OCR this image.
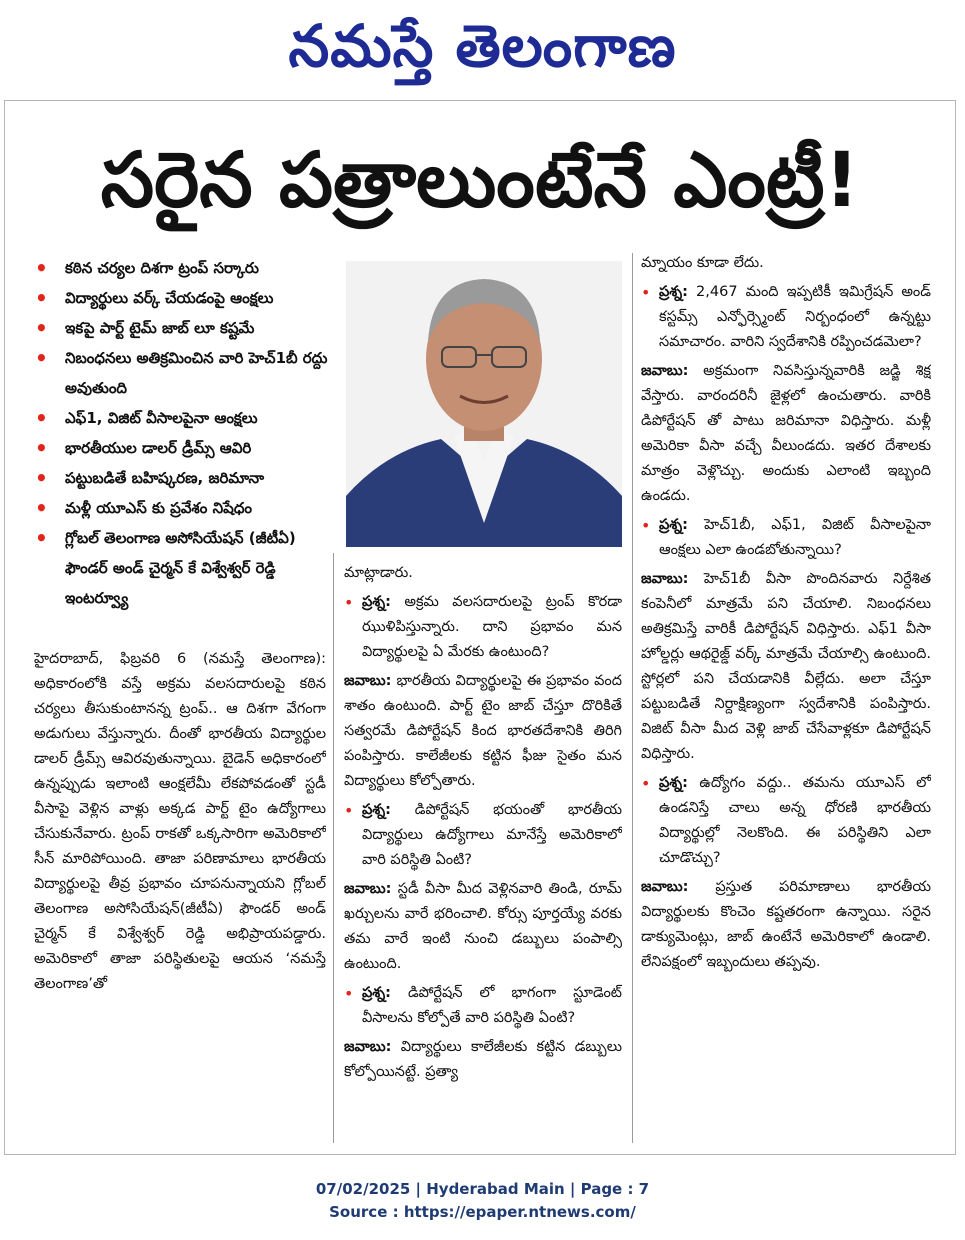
నమస్తే తెలంగాణ
సరైన పత్రాలుంటేనే ఎంట్రీ!
• కఠిన చర్యల దిశగా ట్రంప్ సర్కారు
• విద్యార్థులు వర్క్ చేయడంపై ఆంక్షలు
• ఇకపై పార్ట్ టైమ్ జాబ్ లూ కష్టమే
• నిబంధనలు అతిక్రమించిన వారి హెచ్1బీ రద్దు అవుతుంది
• ఎఫ్1, విజిట్ వీసాలపైనా ఆంక్షలు
• భారతీయుల డాలర్ డ్రీమ్స్ ఆవిరి
• పట్టుబడితే బహిష్కరణ, జరిమానా
• మళ్లీ యూఎస్ కు ప్రవేశం నిషేధం
• గ్లోబల్ తెలంగాణ అసోసియేషన్ (జీటీఏ) ఫౌండర్ అండ్ చైర్మన్ కే విశ్వేశ్వర్ రెడ్డి ఇంటర్వ్యూ

హైదరాబాద్, ఫిబ్రవరి 6 (నమస్తే తెలంగాణ): అధికారంలోకి వస్తే అక్రమ వలసదారులపై కఠిన చర్యలు తీసుకుంటానన్న ట్రంప్.. ఆ దిశగా వేగంగా అడుగులు వేస్తున్నారు. దీంతో భారతీయ విద్యార్థుల డాలర్ డ్రీమ్స్ ఆవిరవుతున్నాయి. బైడెన్ అధికారంలో ఉన్నప్పుడు ఇలాంటి ఆంక్షలేమీ లేకపోవడంతో స్టడీ వీసాపై వెళ్లిన వాళ్లు అక్కడ పార్ట్ టైం ఉద్యోగాలు చేసుకునేవారు. ట్రంప్ రాకతో ఒక్కసారిగా అమెరికాలో సీన్ మారిపోయింది. తాజా పరిణామాలు భారతీయ విద్యార్థులపై తీవ్ర ప్రభావం చూపనున్నాయని గ్లోబల్ తెలంగాణ అసోసియేషన్(జీటీఏ) ఫౌండర్ అండ్ చైర్మన్ కే విశ్వేశ్వర్ రెడ్డి అభిప్రాయపడ్డారు. అమెరికాలో తాజా పరిస్థితులపై ఆయన ‘నమస్తే తెలంగాణ’తో

మాట్లాడారు.

• ప్రశ్న: అక్రమ వలసదారులపై ట్రంప్ కొరడా ఝుళిపిస్తున్నారు. దాని ప్రభావం మన విద్యార్థులపై ఏ మేరకు ఉంటుంది?

జవాబు: భారతీయ విద్యార్థులపై ఈ ప్రభావం వంద శాతం ఉంటుంది. పార్ట్ టైం జాబ్ చేస్తూ దొరికితే సత్వరమే డిపోర్టేషన్ కింద భారతదేశానికి తిరిగి పంపిస్తారు. కాలేజీలకు కట్టిన ఫీజు సైతం మన విద్యార్థులు కోల్పోతారు.

• ప్రశ్న: డిపోర్టేషన్ భయంతో భారతీయ విద్యార్థులు ఉద్యోగాలు మానేస్తే అమెరికాలో వారి పరిస్థితి ఏంటి?

జవాబు: స్టడీ వీసా మీద వెళ్లినవారి తిండి, రూమ్ ఖర్చులను వారే భరించాలి. కోర్సు పూర్తయ్యే వరకు తమ వారే ఇంటి నుంచి డబ్బులు పంపాల్సి ఉంటుంది.

• ప్రశ్న: డిపోర్టేషన్ లో భాగంగా స్టూడెంట్ వీసాలను కోల్పోతే వారి పరిస్థితి ఏంటి?

జవాబు: విద్యార్థులు కాలేజీలకు కట్టిన డబ్బులు కోల్పోయినట్టే. ప్రత్యా

మ్నాయం కూడా లేదు.

• ప్రశ్న: 2,467 మంది ఇప్పటికీ ఇమిగ్రేషన్ అండ్ కస్టమ్స్ ఎన్ఫోర్స్మెంట్ నిర్బంధంలో ఉన్నట్టు సమాచారం. వారిని స్వదేశానికి రప్పించడమెలా?

జవాబు: అక్రమంగా నివసిస్తున్నవారికి జడ్జి శిక్ష వేస్తారు. వారందరినీ జైళ్లలో ఉంచుతారు. వారికి డిపోర్టేషన్ తో పాటు జరిమానా విధిస్తారు. మళ్లీ అమెరికా వీసా వచ్చే వీలుండదు. ఇతర దేశాలకు మాత్రం వెళ్లొచ్చు. అందుకు ఎలాంటి ఇబ్బంది ఉండదు.

• ప్రశ్న: హెచ్1బీ, ఎఫ్1, విజిట్ వీసాలపైనా ఆంక్షలు ఎలా ఉండబోతున్నాయి?

జవాబు: హెచ్1బీ వీసా పొందినవారు నిర్దేశిత కంపెనీలో మాత్రమే పని చేయాలి. నిబంధనలు అతిక్రమిస్తే వారికీ డిపోర్టేషన్ విధిస్తారు. ఎఫ్1 వీసా హోల్డర్లు ఆథరైజ్డ్ వర్క్ మాత్రమే చేయాల్సి ఉంటుంది. స్టోర్లలో పని చేయడానికి వీల్లేదు. అలా చేస్తూ పట్టుబడితే నిర్దాక్షిణ్యంగా స్వదేశానికి పంపిస్తారు. విజిట్ వీసా మీద వెళ్లి జాబ్ చేసేవాళ్లకూ డిపోర్టేషన్ విధిస్తారు.

• ప్రశ్న: ఉద్యోగం వద్దు.. తమను యూఎస్ లో ఉండనిస్తే చాలు అన్న ధోరణి భారతీయ విద్యార్థుల్లో నెలకొంది. ఈ పరిస్థితిని ఎలా చూడొచ్చు?

జవాబు: ప్రస్తుత పరిమాణాలు భారతీయ విద్యార్థులకు కొంచెం కష్టతరంగా ఉన్నాయి. సరైన డాక్యుమెంట్లు, జాబ్ ఉంటేనే అమెరికాలో ఉండాలి. లేనిపక్షంలో ఇబ్బందులు తప్పవు.

07/02/2025 | Hyderabad Main | Page : 7
Source : https://epaper.ntnews.com/
